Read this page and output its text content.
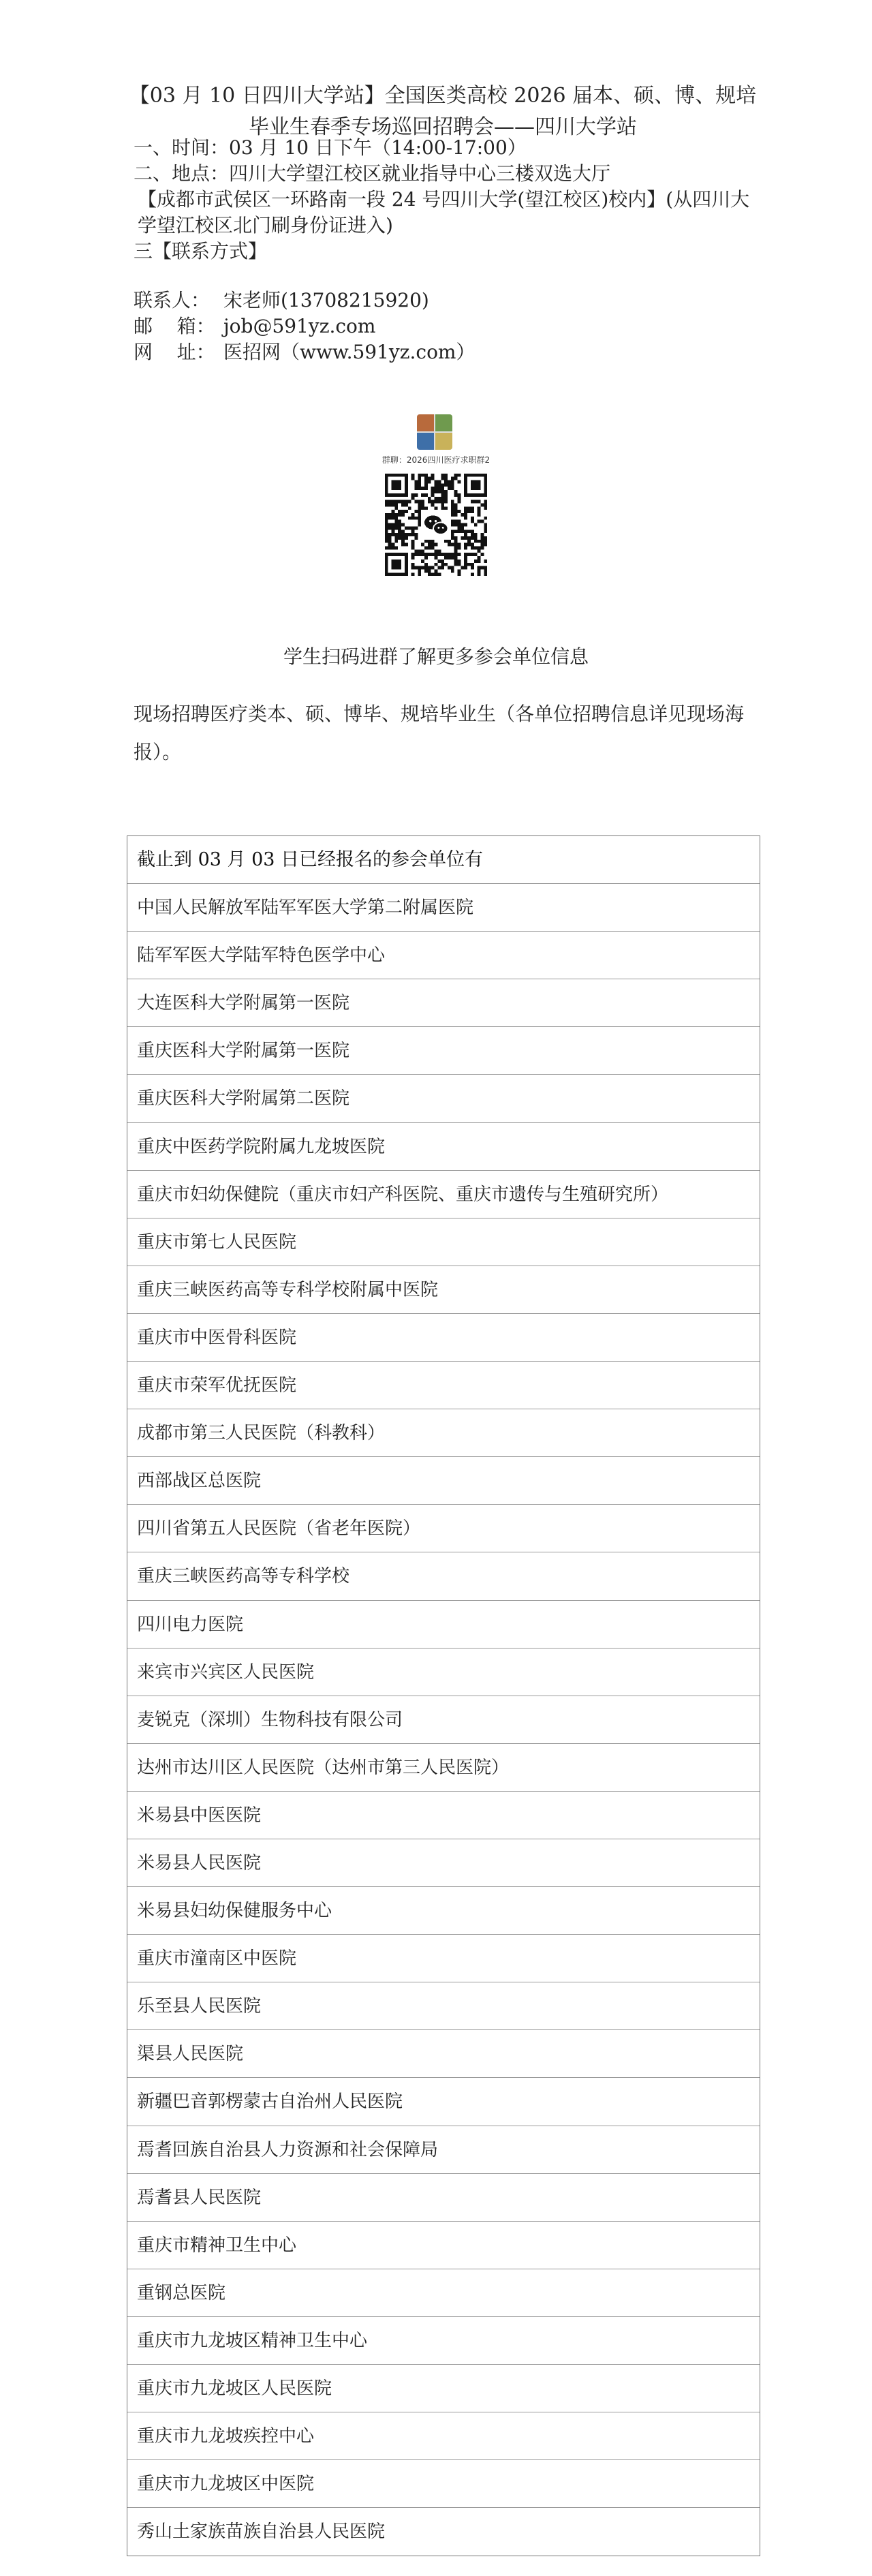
【03 月 10 日四川大学站】全国医类高校 2026 届本、硕、博、规培
毕业生春季专场巡回招聘会——四川大学站

一、时间：03 月 10 日下午（14:00-17:00）

二、地点：四川大学望江校区就业指导中心三楼双选大厅

【成都市武侯区一环路南一段 24 号四川大学(望江校区)校内】(从四川大学望江校区北门刷身份证进入)

三【联系方式】

联系人： 宋老师(13708215920)
邮    箱： job@591yz.com
网    址： 医招网（www.591yz.com）
群聊：2026四川医疗求职群2
学生扫码进群了解更多参会单位信息
现场招聘医疗类本、硕、博毕、规培毕业生（各单位招聘信息详见现场海报）。
截止到 03 月 03 日已经报名的参会单位有
中国人民解放军陆军军医大学第二附属医院
陆军军医大学陆军特色医学中心
大连医科大学附属第一医院
重庆医科大学附属第一医院
重庆医科大学附属第二医院
重庆中医药学院附属九龙坡医院
重庆市妇幼保健院（重庆市妇产科医院、重庆市遗传与生殖研究所）
重庆市第七人民医院
重庆三峡医药高等专科学校附属中医院
重庆市中医骨科医院
重庆市荣军优抚医院
成都市第三人民医院（科教科）
西部战区总医院
四川省第五人民医院（省老年医院）
重庆三峡医药高等专科学校
四川电力医院
来宾市兴宾区人民医院
麦锐克（深圳）生物科技有限公司
达州市达川区人民医院（达州市第三人民医院）
米易县中医医院
米易县人民医院
米易县妇幼保健服务中心
重庆市潼南区中医院
乐至县人民医院
渠县人民医院
新疆巴音郭楞蒙古自治州人民医院
焉耆回族自治县人力资源和社会保障局
焉耆县人民医院
重庆市精神卫生中心
重钢总医院
重庆市九龙坡区精神卫生中心
重庆市九龙坡区人民医院
重庆市九龙坡疾控中心
重庆市九龙坡区中医院
秀山土家族苗族自治县人民医院
